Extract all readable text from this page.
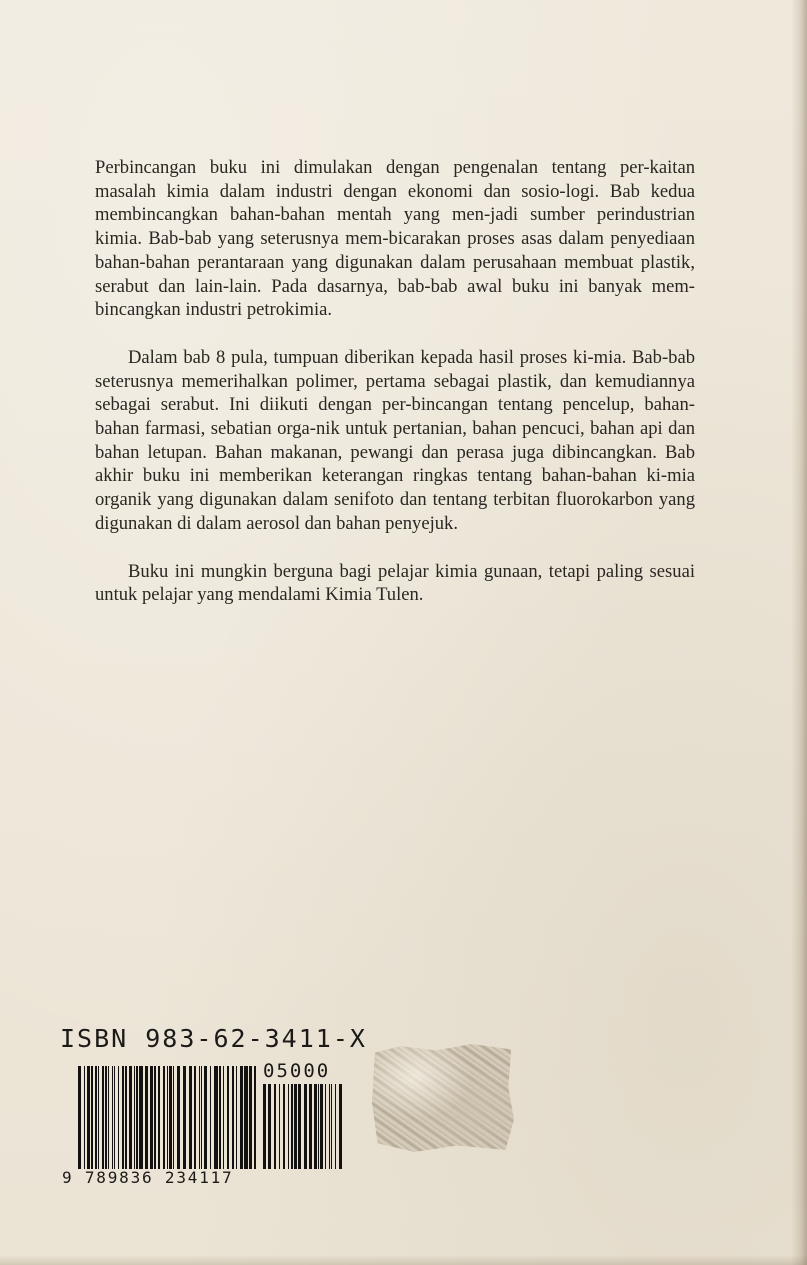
Perbincangan buku ini dimulakan dengan pengenalan tentang per-kaitan masalah kimia dalam industri dengan ekonomi dan sosio-logi. Bab kedua membincangkan bahan-bahan mentah yang men-jadi sumber perindustrian kimia. Bab-bab yang seterusnya mem-bicarakan proses asas dalam penyediaan bahan-bahan perantaraan yang digunakan dalam perusahaan membuat plastik, serabut dan lain-lain. Pada dasarnya, bab-bab awal buku ini banyak mem-bincangkan industri petrokimia.

Dalam bab 8 pula, tumpuan diberikan kepada hasil proses ki-mia. Bab-bab seterusnya memerihalkan polimer, pertama sebagai plastik, dan kemudiannya sebagai serabut. Ini diikuti dengan per-bincangan tentang pencelup, bahan-bahan farmasi, sebatian orga-nik untuk pertanian, bahan pencuci, bahan api dan bahan letupan. Bahan makanan, pewangi dan perasa juga dibincangkan. Bab akhir buku ini memberikan keterangan ringkas tentang bahan-bahan ki-mia organik yang digunakan dalam senifoto dan tentang terbitan fluorokarbon yang digunakan di dalam aerosol dan bahan penyejuk.

Buku ini mungkin berguna bagi pelajar kimia gunaan, tetapi paling sesuai untuk pelajar yang mendalami Kimia Tulen.

ISBN 983-62-3411-X
05000
9 789836 234117
